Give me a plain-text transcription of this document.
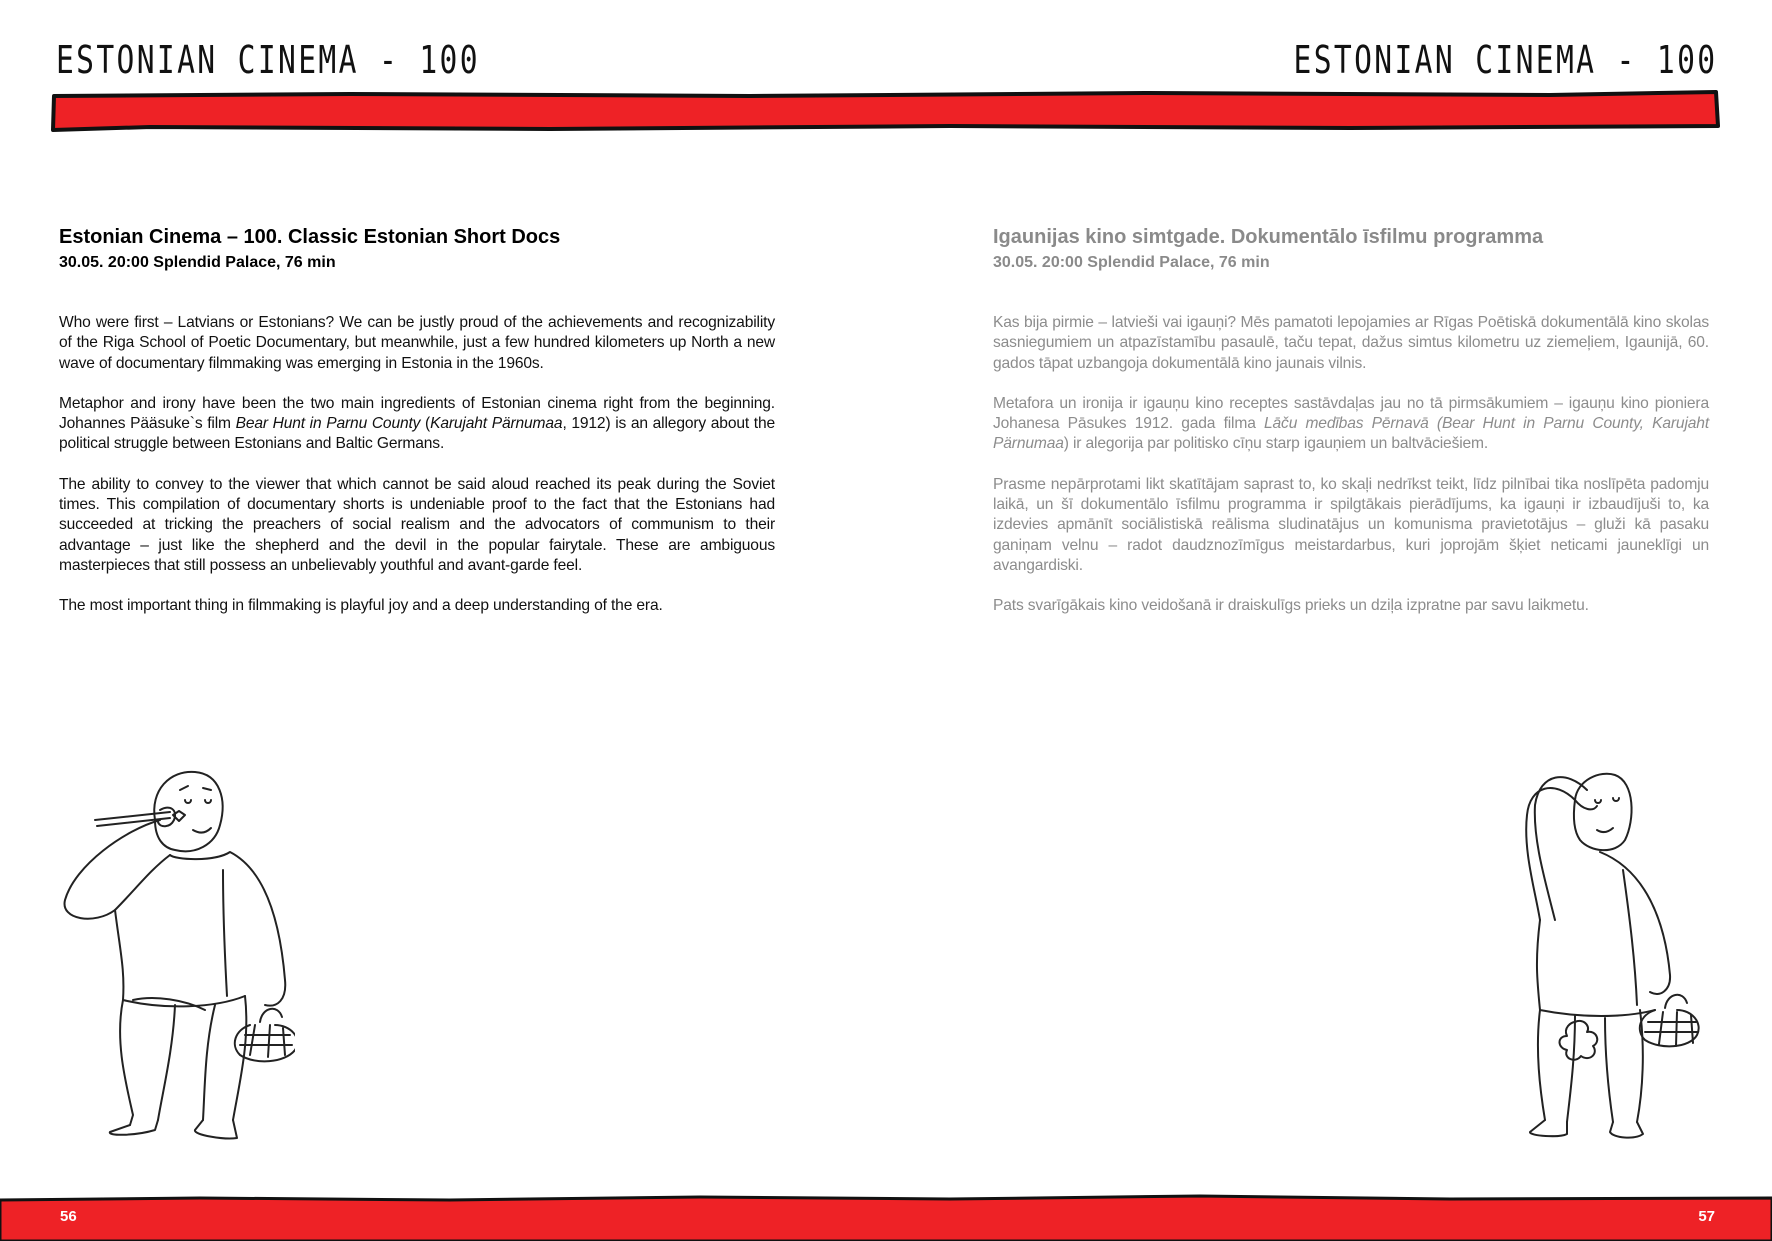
ESTONIAN CINEMA - 100	ESTONIAN CINEMA - 100
Estonian Cinema – 100. Classic Estonian Short Docs
30.05. 20:00 Splendid Palace, 76 min

Who were first – Latvians or Estonians? We can be justly proud of the achievements and recognizability of the Riga School of Poetic Documentary, but meanwhile, just a few hundred kilometers up North a new wave of documentary filmmaking was emerging in Estonia in the 1960s.

Metaphor and irony have been the two main ingredients of Estonian cinema right from the beginning. Johannes Pääsuke`s film Bear Hunt in Parnu County (Karujaht Pärnumaa, 1912) is an allegory about the political struggle between Estonians and Baltic Germans.

The ability to convey to the viewer that which cannot be said aloud reached its peak during the Soviet times. This compilation of documentary shorts is undeniable proof to the fact that the Estonians had succeeded at tricking the preachers of social realism and the advocators of communism to their advantage – just like the shepherd and the devil in the popular fairytale. These are ambiguous masterpieces that still possess an unbelievably youthful and avant-garde feel.

The most important thing in filmmaking is playful joy and a deep understanding of the era.

Igaunijas kino simtgade. Dokumentālo īsfilmu programma
30.05. 20:00 Splendid Palace, 76 min

Kas bija pirmie – latvieši vai igauņi? Mēs pamatoti lepojamies ar Rīgas Poētiskā dokumentālā kino skolas sasniegumiem un atpazīstamību pasaulē, taču tepat, dažus simtus kilometru uz ziemeļiem, Igaunijā, 60. gados tāpat uzbangoja dokumentālā kino jaunais vilnis.

Metafora un ironija ir igauņu kino receptes sastāvdaļas jau no tā pirmsākumiem – igauņu kino pioniera Johanesa Pāsukes 1912. gada filma Lāču medības Pērnavā (Bear Hunt in Parnu County, Karujaht Pärnumaa) ir alegorija par politisko cīņu starp igauņiem un baltvāciešiem.

Prasme nepārprotami likt skatītājam saprast to, ko skaļi nedrīkst teikt, līdz pilnībai tika noslīpēta padomju laikā, un šī dokumentālo īsfilmu programma ir spilgtākais pierādījums, ka igauņi ir izbaudījuši to, ka izdevies apmānīt sociālistiskā reālisma sludinatājus un komunisma pravietotājus – gluži kā pasaku ganiņam velnu – radot daudznozīmīgus meistardarbus, kuri joprojām šķiet neticami jauneklīgi un avangardiski.

Pats svarīgākais kino veidošanā ir draiskulīgs prieks un dziļa izpratne par savu laikmetu.

56	57
